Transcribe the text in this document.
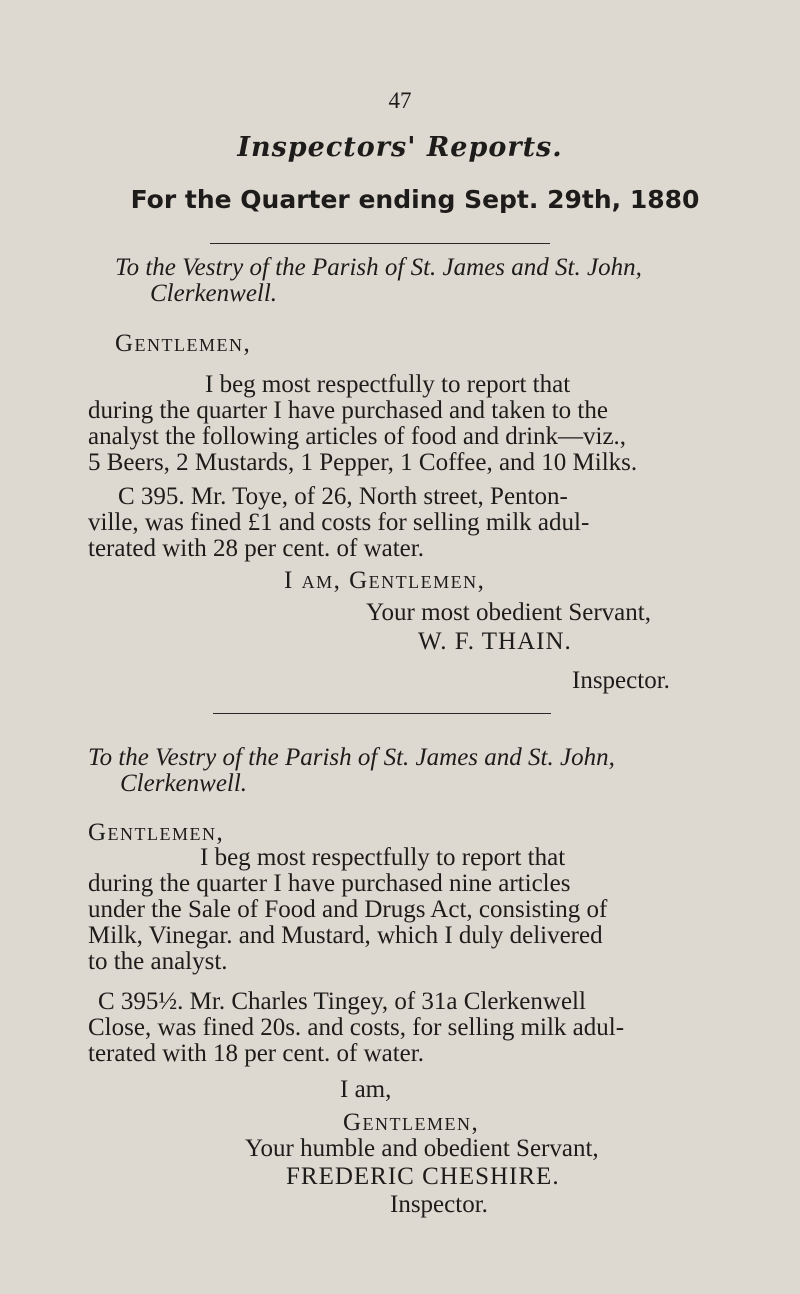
47
Inspectors' Reports.
For the Quarter ending Sept. 29th, 1880
To the Vestry of the Parish of St. James and St. John,
Clerkenwell.
Gentlemen,
I beg most respectfully to report that
during the quarter I have purchased and taken to the
analyst the following articles of food and drink—viz.,
5 Beers, 2 Mustards, 1 Pepper, 1 Coffee, and 10 Milks.
C 395. Mr. Toye, of 26, North street, Penton-
ville, was fined £1 and costs for selling milk adul-
terated with 28 per cent. of water.
I am, Gentlemen,
Your most obedient Servant,
W. F. THAIN.
Inspector.
To the Vestry of the Parish of St. James and St. John,
Clerkenwell.
Gentlemen,
I beg most respectfully to report that
during the quarter I have purchased nine articles
under the Sale of Food and Drugs Act, consisting of
Milk, Vinegar. and Mustard, which I duly delivered
to the analyst.
C 395½. Mr. Charles Tingey, of 31a Clerkenwell
Close, was fined 20s. and costs, for selling milk adul-
terated with 18 per cent. of water.
I am,
Gentlemen,
Your humble and obedient Servant,
FREDERIC CHESHIRE.
Inspector.
